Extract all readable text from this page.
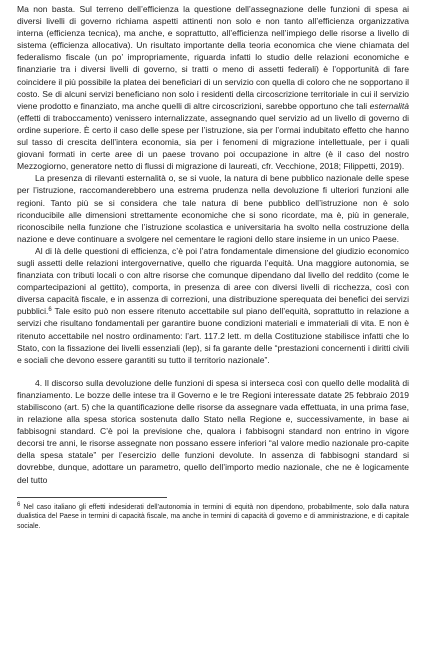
Ma non basta. Sul terreno dell’efficienza la questione dell’assegnazione delle funzioni di spesa ai diversi livelli di governo richiama aspetti attinenti non solo e non tanto all’efficienza organizzativa interna (efficienza tecnica), ma anche, e soprattutto, all’efficienza nell’impiego delle risorse a livello di sistema (efficienza allocativa). Un risultato importante della teoria economica che viene chiamata del federalismo fiscale (un po’ impropriamente, riguarda infatti lo studio delle relazioni economiche e finanziarie tra i diversi livelli di governo, si tratti o meno di assetti federali) è l’opportunità di fare coincidere il più possibile la platea dei beneficiari di un servizio con quella di coloro che ne sopportano il costo. Se di alcuni servizi beneficiano non solo i residenti della circoscrizione territoriale in cui il servizio viene prodotto e finanziato, ma anche quelli di altre circoscrizioni, sarebbe opportuno che tali esternalità (effetti di traboccamento) venissero internalizzate, assegnando quel servizio ad un livello di governo di ordine superiore. È certo il caso delle spese per l’istruzione, sia per l’ormai indubitato effetto che hanno sul tasso di crescita dell’intera economia, sia per i fenomeni di migrazione intellettuale, per i quali giovani formati in certe aree di un paese trovano poi occupazione in altre (è il caso del nostro Mezzogiorno, generatore netto di flussi di migrazione di laureati, cfr. Vecchione, 2018; Filippetti, 2019).

La presenza di rilevanti esternalità o, se si vuole, la natura di bene pubblico nazionale delle spese per l’istruzione, raccomanderebbero una estrema prudenza nella devoluzione fi ulteriori funzioni alle regioni. Tanto più se si considera che tale natura di bene pubblico dell’istruzione non è solo riconducibile alle dimensioni strettamente economiche che si sono ricordate, ma è, più in generale, riconoscibile nella funzione che l’istruzione scolastica e universitaria ha svolto nella costruzione della nazione e deve continuare a svolgere nel cementare le ragioni dello stare insieme in un unico Paese.

Al di là delle questioni di efficienza, c’è poi l’atra fondamentale dimensione del giudizio economico sugli assetti delle relazioni intergovernative, quello che riguarda l’equità. Una maggiore autonomia, se finanziata con tributi locali o con altre risorse che comunque dipendano dal livello del reddito (come le compartecipazioni al gettito), comporta, in presenza di aree con diversi livelli di ricchezza, così con diversa capacità fiscale, e in assenza di correzioni, una distribuzione sperequata dei benefici dei servizi pubblici.$^6$ Tale esito può non essere ritenuto accettabile sul piano dell’equità, soprattutto in relazione a servizi che risultano fondamentali per garantire buone condizioni materiali e immateriali di vita. E non è ritenuto accettabile nel nostro ordinamento: l’art. 117.2 lett. m della Costituzione stabilisce infatti che lo Stato, con la fissazione dei livelli essenziali (lep), si fa garante delle “prestazioni concernenti i diritti civili e sociali che devono essere garantiti su tutto il territorio nazionale”.

4. Il discorso sulla devoluzione delle funzioni di spesa si interseca così con quello delle modalità di finanziamento. Le bozze delle intese tra il Governo e le tre Regioni interessate datate 25 febbraio 2019 stabiliscono (art. 5) che la quantificazione delle risorse da assegnare vada effettuata, in una prima fase, in relazione alla spesa storica sostenuta dallo Stato nella Regione e, successivamente, in base ai fabbisogni standard. C’è poi la previsione che, qualora i fabbisogni standard non entrino in vigore decorsi tre anni, le risorse assegnate non possano essere inferiori “al valore medio nazionale pro-capite della spesa statale” per l’esercizio delle funzioni devolute. In assenza di fabbisogni standard si dovrebbe, dunque, adottare un parametro, quello dell’importo medio nazionale, che ne è logicamente del tutto

$^6$ Nel caso italiano gli effetti indesiderati dell’autonomia in termini di equità non dipendono, probabilmente, solo dalla natura dualistica del Paese in termini di capacità fiscale, ma anche in termini di capacità di governo e di amministrazione, e di capitale sociale.
